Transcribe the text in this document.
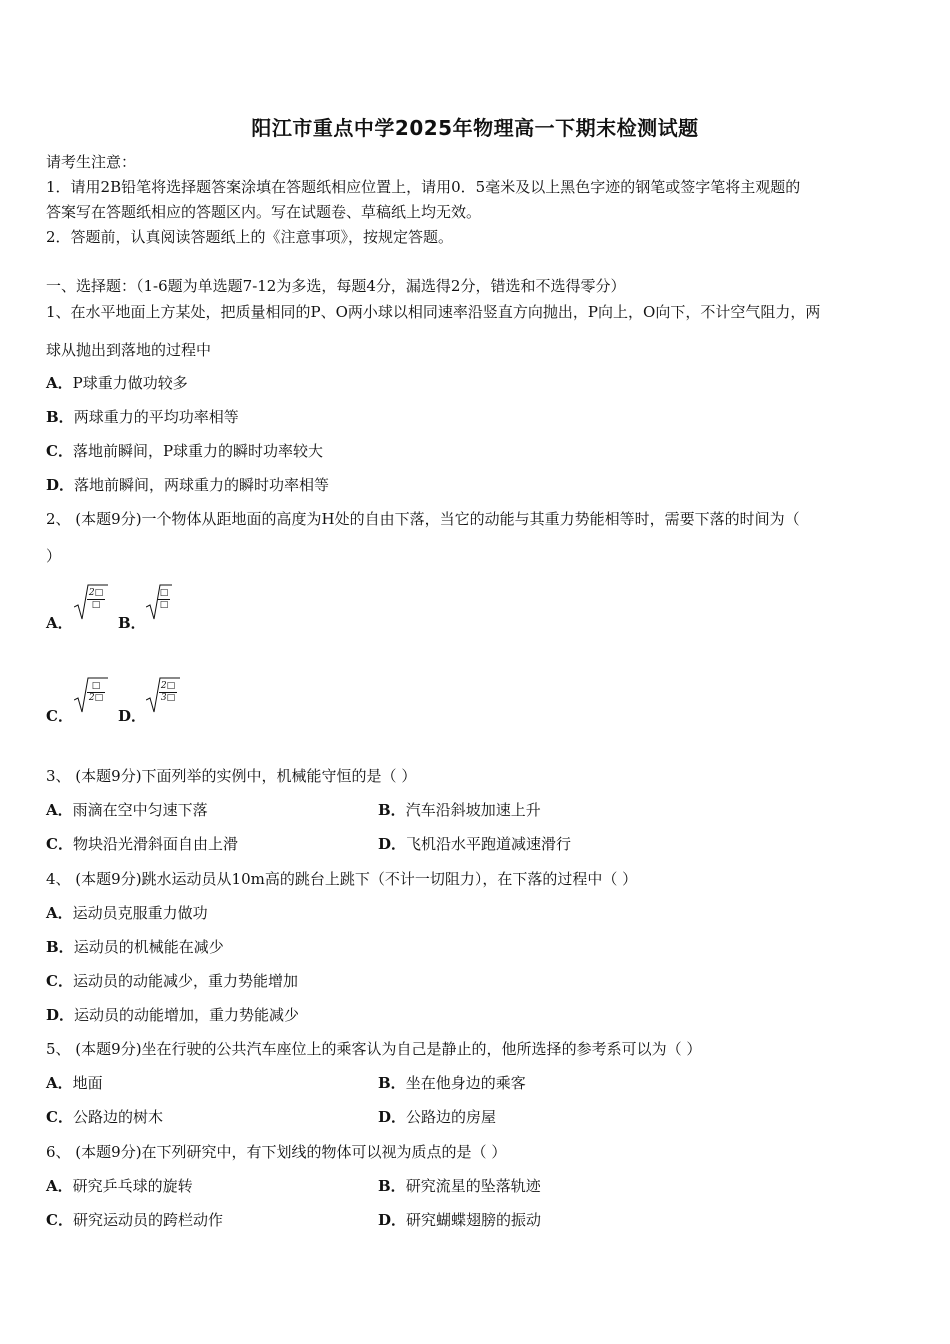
阳江市重点中学2025年物理高一下期末检测试题
请考生注意：
1．请用2B铅笔将选择题答案涂填在答题纸相应位置上，请用0．5毫米及以上黑色字迹的钢笔或签字笔将主观题的
答案写在答题纸相应的答题区内。写在试题卷、草稿纸上均无效。
2．答题前，认真阅读答题纸上的《注意事项》，按规定答题。
一、选择题：（1-6题为单选题7-12为多选，每题4分，漏选得2分，错选和不选得零分）
1、在水平地面上方某处，把质量相同的P、O两小球以相同速率沿竖直方向抛出，P向上，O向下，不计空气阻力，两
球从抛出到落地的过程中
A．P球重力做功较多
B．两球重力的平均功率相等
C．落地前瞬间，P球重力的瞬时功率较大
D．落地前瞬间，两球重力的瞬时功率相等
2、 (本题9分)一个物体从距地面的高度为H处的自由下落，当它的动能与其重力势能相等时，需要下落的时间为（
）
A．
2□
□
B．
□
□
C．
□
2□
D．
$\frac{2□}{3□}$
3、 (本题9分)下面列举的实例中，机械能守恒的是（ ）
A．雨滴在空中匀速下落	B．汽车沿斜坡加速上升
C．物块沿光滑斜面自由上滑	D．飞机沿水平跑道减速滑行
4、 (本题9分)跳水运动员从10m高的跳台上跳下（不计一切阻力），在下落的过程中（ ）
A．运动员克服重力做功
B．运动员的机械能在减少
C．运动员的动能减少，重力势能增加
D．运动员的动能增加，重力势能减少
5、 (本题9分)坐在行驶的公共汽车座位上的乘客认为自己是静止的，他所选择的参考系可以为（ ）
A．地面	B．坐在他身边的乘客
C．公路边的树木	D．公路边的房屋
6、 (本题9分)在下列研究中，有下划线的物体可以视为质点的是（ ）
A．研究乒乓球的旋转	B．研究流星的坠落轨迹
C．研究运动员的跨栏动作	D．研究蝴蝶翅膀的振动
